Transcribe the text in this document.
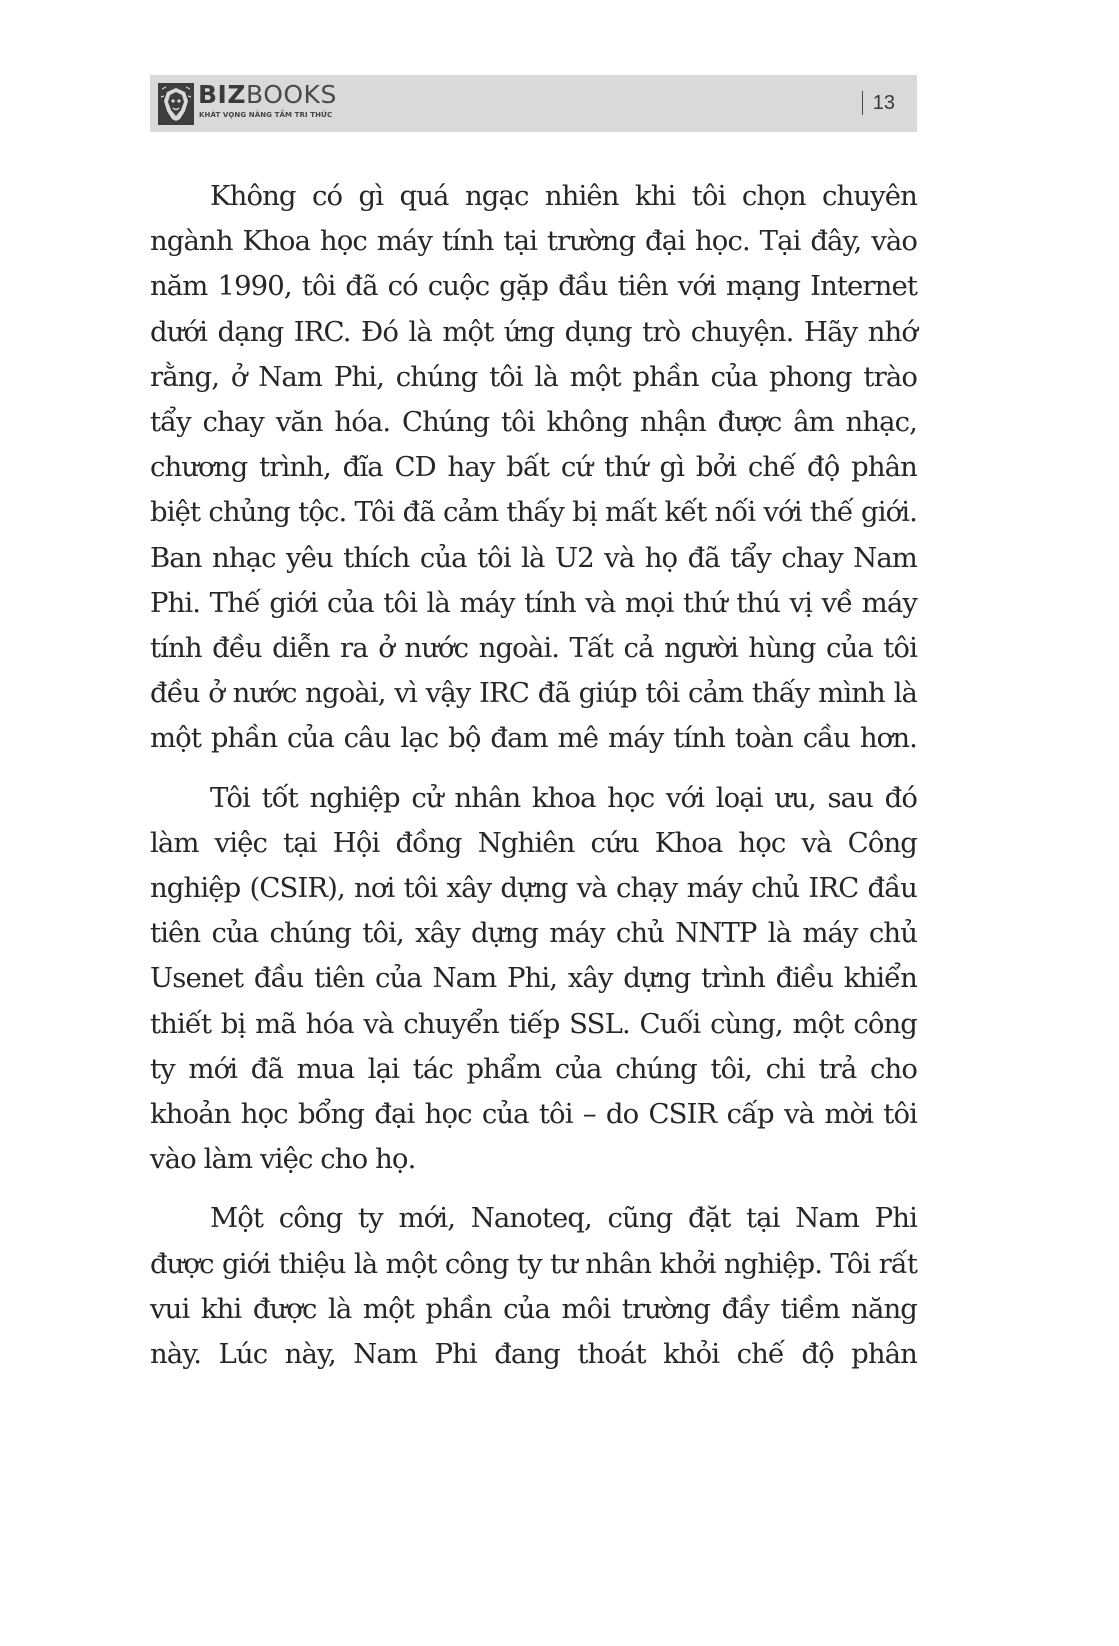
BIZBOOKS
KHÁT VỌNG NÂNG TẦM TRI THỨC
13

Không có gì quá ngạc nhiên khi tôi chọn chuyên ngành Khoa học máy tính tại trường đại học. Tại đây, vào năm 1990, tôi đã có cuộc gặp đầu tiên với mạng Internet dưới dạng IRC. Đó là một ứng dụng trò chuyện. Hãy nhớ rằng, ở Nam Phi, chúng tôi là một phần của phong trào tẩy chay văn hóa. Chúng tôi không nhận được âm nhạc, chương trình, đĩa CD hay bất cứ thứ gì bởi chế độ phân biệt chủng tộc. Tôi đã cảm thấy bị mất kết nối với thế giới. Ban nhạc yêu thích của tôi là U2 và họ đã tẩy chay Nam Phi. Thế giới của tôi là máy tính và mọi thứ thú vị về máy tính đều diễn ra ở nước ngoài. Tất cả người hùng của tôi đều ở nước ngoài, vì vậy IRC đã giúp tôi cảm thấy mình là một phần của câu lạc bộ đam mê máy tính toàn cầu hơn.

Tôi tốt nghiệp cử nhân khoa học với loại ưu, sau đó làm việc tại Hội đồng Nghiên cứu Khoa học và Công nghiệp (CSIR), nơi tôi xây dựng và chạy máy chủ IRC đầu tiên của chúng tôi, xây dựng máy chủ NNTP là máy chủ Usenet đầu tiên của Nam Phi, xây dựng trình điều khiển thiết bị mã hóa và chuyển tiếp SSL. Cuối cùng, một công ty mới đã mua lại tác phẩm của chúng tôi, chi trả cho khoản học bổng đại học của tôi – do CSIR cấp và mời tôi vào làm việc cho họ.

Một công ty mới, Nanoteq, cũng đặt tại Nam Phi được giới thiệu là một công ty tư nhân khởi nghiệp. Tôi rất vui khi được là một phần của môi trường đầy tiềm năng này. Lúc này, Nam Phi đang thoát khỏi chế độ phân
